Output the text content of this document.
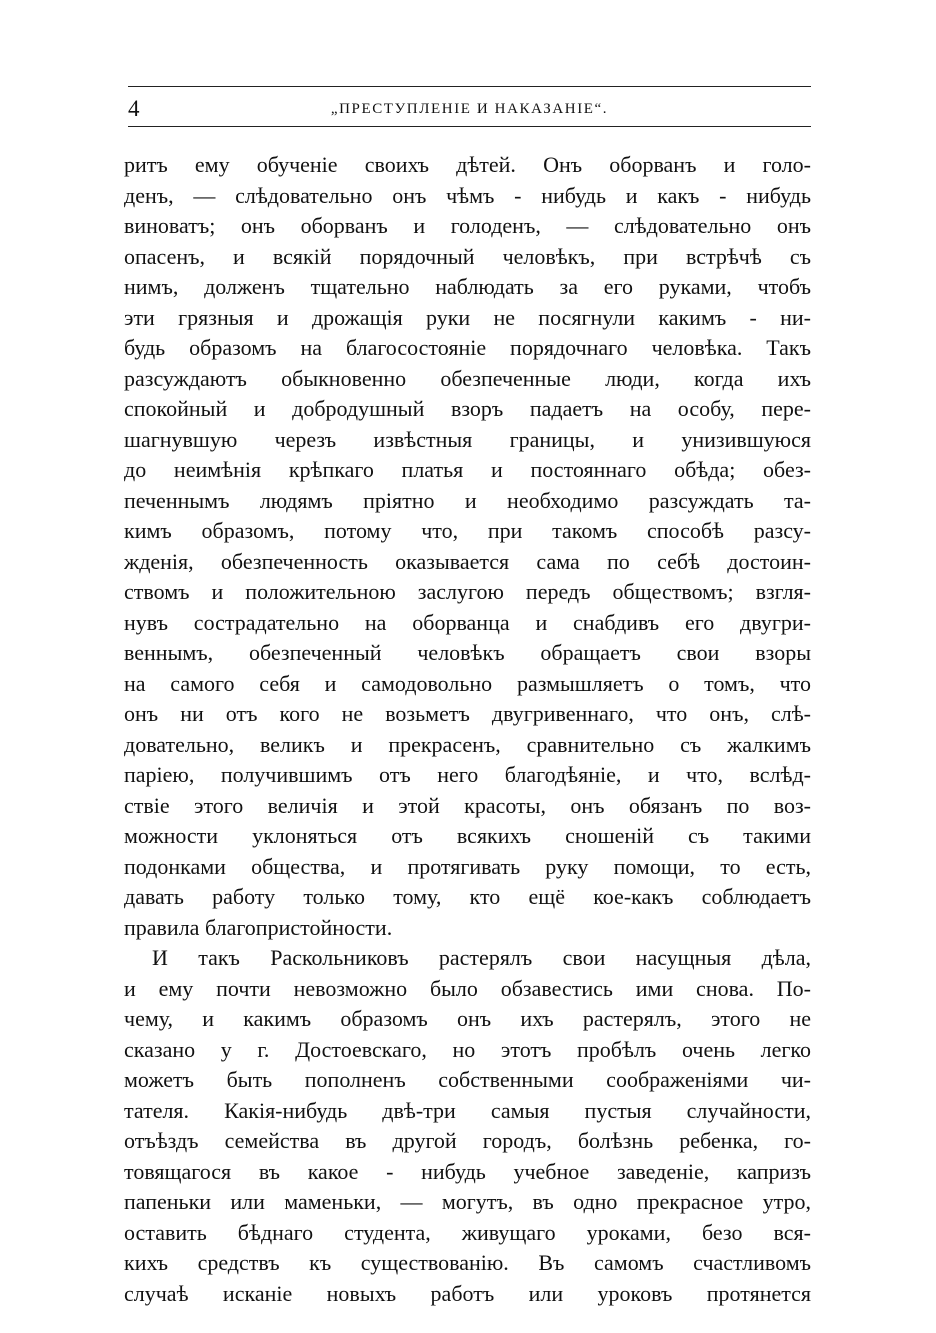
4	„ПРЕСТУПЛЕНІЕ И НАКАЗАНІЕ“.
ритъ ему обученіе своихъ дѣтей. Онъ оборванъ и голо-
денъ, — слѣдовательно онъ чѣмъ - нибудь и какъ - нибудь
виноватъ; онъ оборванъ и голоденъ, — слѣдовательно онъ
опасенъ, и всякій порядочный человѣкъ, при встрѣчѣ съ
нимъ, долженъ тщательно наблюдать за его руками, чтобъ
эти грязныя и дрожащія руки не посягнули какимъ - ни-
будь образомъ на благосостояніе порядочнаго человѣка. Такъ
разсуждаютъ обыкновенно обезпеченные люди, когда ихъ
спокойный и добродушный взоръ падаетъ на особу, пере-
шагнувшую черезъ извѣстныя границы, и унизившуюся
до неимѣнія крѣпкаго платья и постояннаго обѣда; обез-
печеннымъ людямъ пріятно и необходимо разсуждать та-
кимъ образомъ, потому что, при такомъ способѣ разсу-
жденія, обезпеченность оказывается сама по себѣ достоин-
ствомъ и положительною заслугою передъ обществомъ; взгля-
нувъ сострадательно на оборванца и снабдивъ его двугри-
веннымъ, обезпеченный человѣкъ обращаетъ свои взоры
на самого себя и самодовольно размышляетъ о томъ, что
онъ ни отъ кого не возьметъ двугривеннаго, что онъ, слѣ-
довательно, великъ и прекрасенъ, сравнительно съ жалкимъ
паріею, получившимъ отъ него благодѣяніе, и что, вслѣд-
ствіе этого величія и этой красоты, онъ обязанъ по воз-
можности уклоняться отъ всякихъ сношеній съ такими
подонками общества, и протягивать руку помощи, то есть,
давать работу только тому, кто ещё кое-какъ соблюдаетъ
правила благопристойности.
И такъ Раскольниковъ растерялъ свои насущныя дѣла,
и ему почти невозможно было обзавестись ими снова. По-
чему, и какимъ образомъ онъ ихъ растерялъ, этого не
сказано у г. Достоевскаго, но этотъ пробѣлъ очень легко
можетъ быть пополненъ собственными соображеніями чи-
тателя. Какія-нибудь двѣ-три самыя пустыя случайности,
отъѣздъ семейства въ другой городъ, болѣзнь ребенка, го-
товящагося въ какое - нибудь учебное заведеніе, капризъ
папеньки или маменьки, — могутъ, въ одно прекрасное утро,
оставить бѣднаго студента, живущаго уроками, безо вся-
кихъ средствъ къ существованію. Въ самомъ счастливомъ
случаѣ исканіе новыхъ работъ или уроковъ протянется
